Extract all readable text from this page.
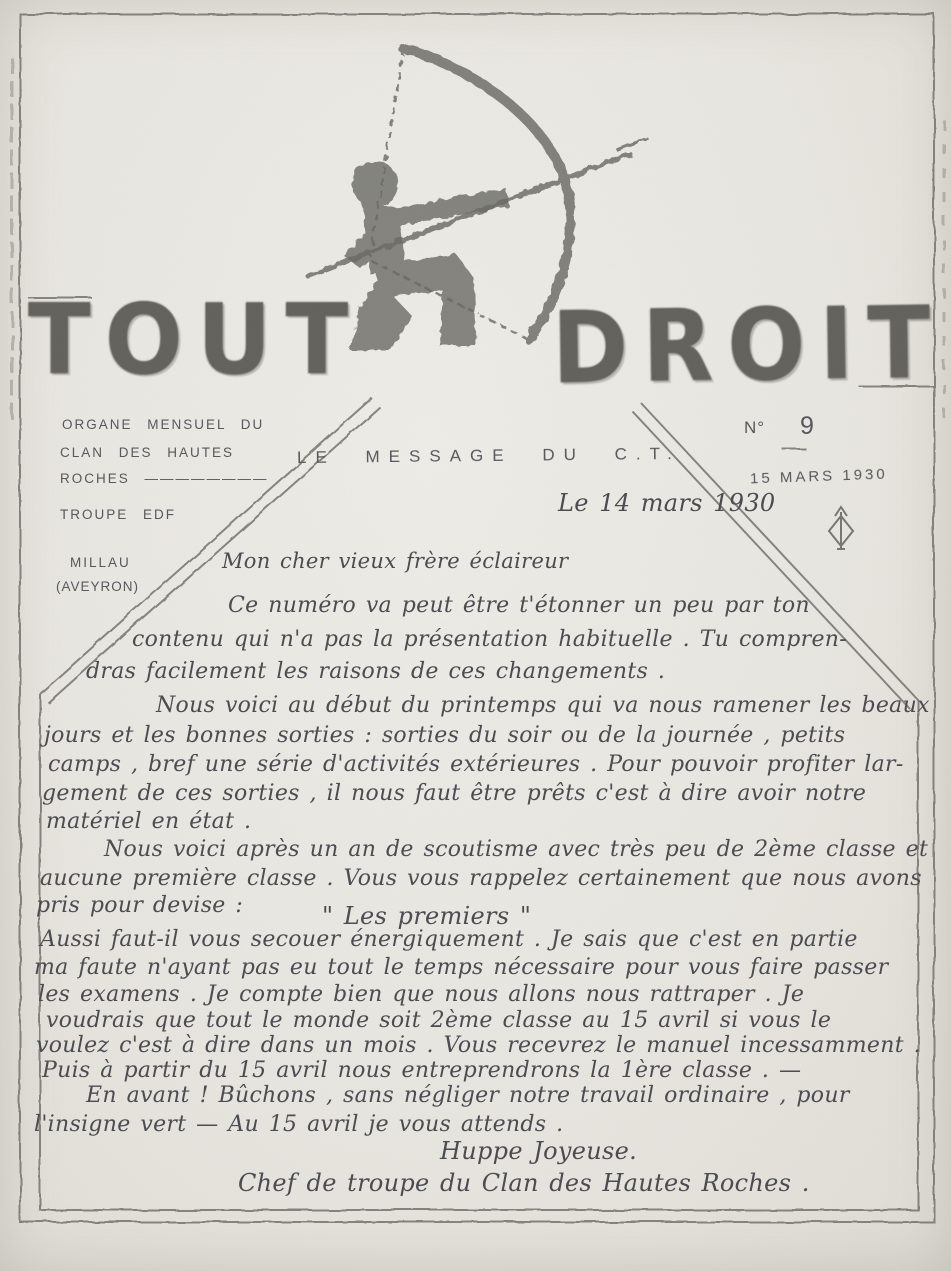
TOUT DROIT
ORGANE MENSUEL DU
CLAN DES HAUTES
ROCHES ————————
TROUPE EDF
MILLAU
(AVEYRON)
N° 9
15 MARS 1930
LE MESSAGE DU C.T.
Le 14 mars 1930
Mon cher vieux frère éclaireur
Ce numéro va peut être t'étonner un peu par ton
contenu qui n'a pas la présentation habituelle . Tu compren-
dras facilement les raisons de ces changements .
Nous voici au début du printemps qui va nous ramener les beaux
jours et les bonnes sorties : sorties du soir ou de la journée , petits
camps , bref une série d'activités extérieures . Pour pouvoir profiter lar-
gement de ces sorties , il nous faut être prêts c'est à dire avoir notre
matériel en état .
Nous voici après un an de scoutisme avec très peu de 2ème classe et
aucune première classe . Vous vous rappelez certainement que nous avons
pris pour devise :	" Les premiers "
Aussi faut-il vous secouer énergiquement . Je sais que c'est en partie
ma faute n'ayant pas eu tout le temps nécessaire pour vous faire passer
les examens . Je compte bien que nous allons nous rattraper . Je
voudrais que tout le monde soit 2ème classe au 15 avril si vous le
voulez c'est à dire dans un mois . Vous recevrez le manuel incessamment .
Puis à partir du 15 avril nous entreprendrons la 1ère classe . —
En avant ! Bûchons , sans négliger notre travail ordinaire , pour
l'insigne vert — Au 15 avril je vous attends .
Huppe Joyeuse.
Chef de troupe du Clan des Hautes Roches .
